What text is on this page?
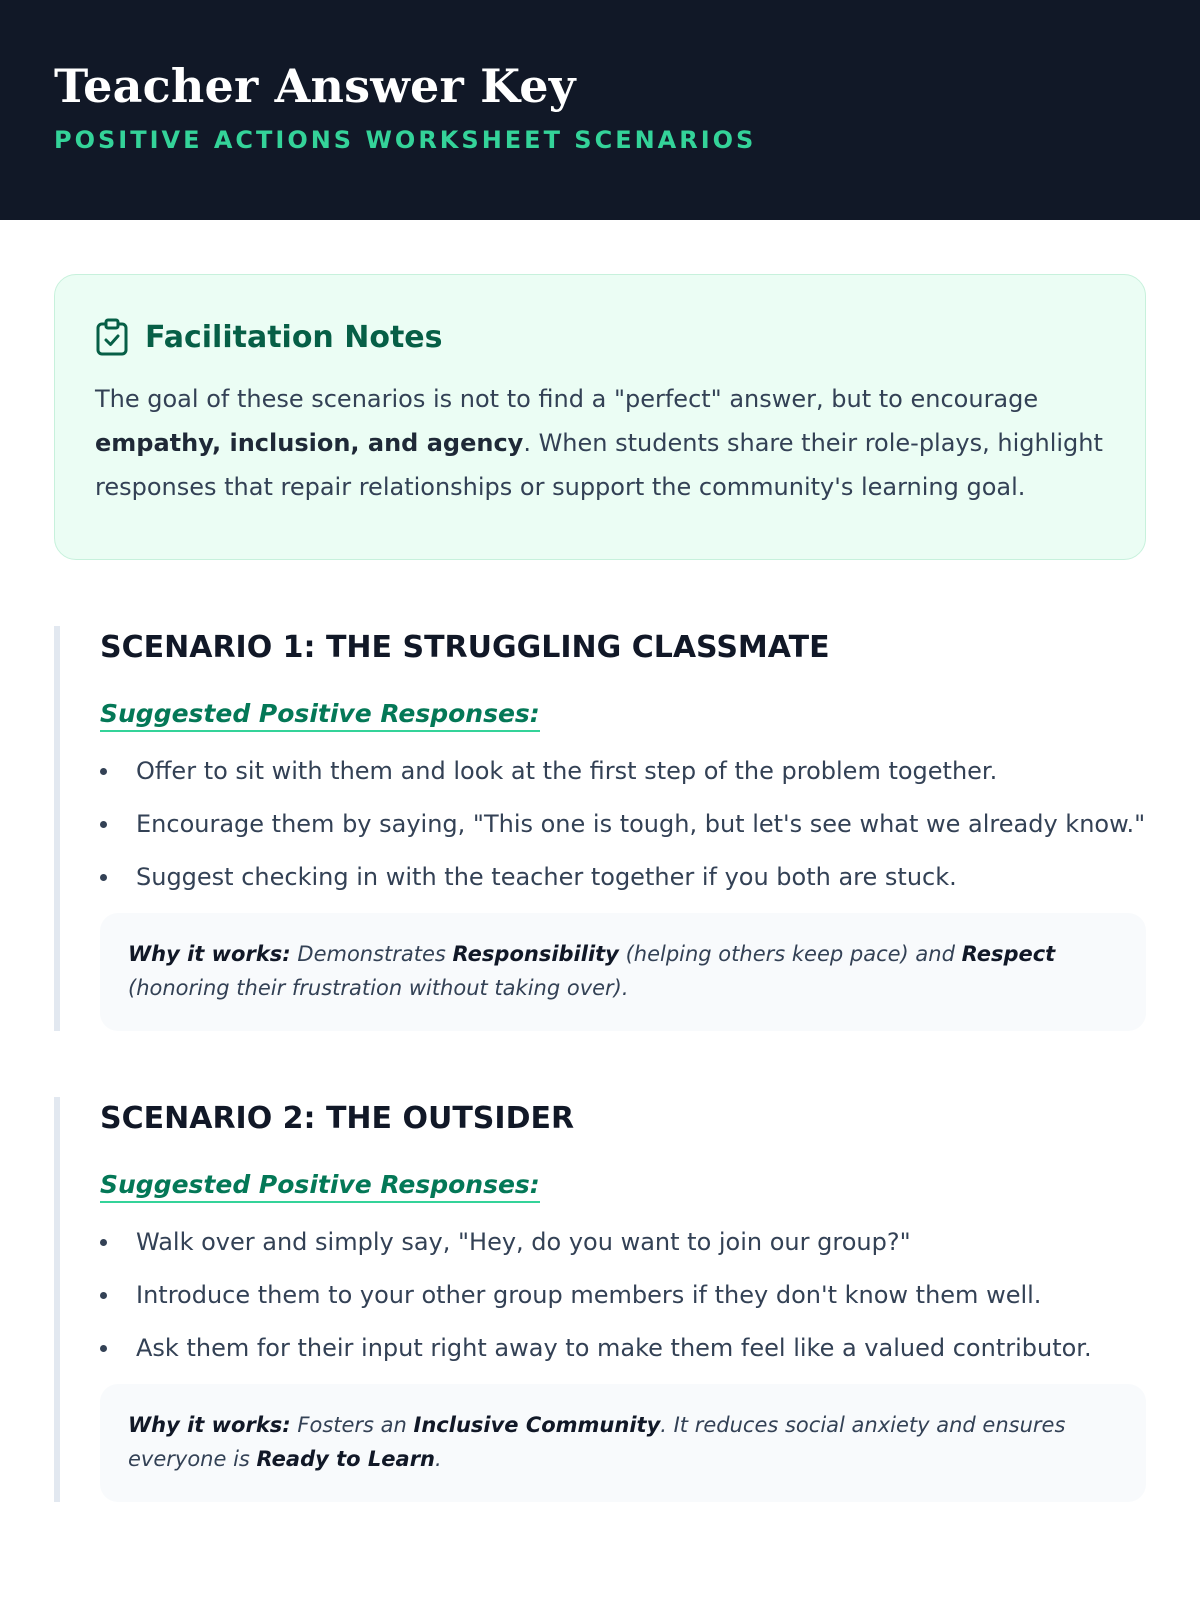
Teacher Answer Key
POSITIVE ACTIONS WORKSHEET SCENARIOS
Facilitation Notes

The goal of these scenarios is not to find a "perfect" answer, but to encourage empathy, inclusion, and agency. When students share their role-plays, highlight responses that repair relationships or support the community's learning goal.

SCENARIO 1: THE STRUGGLING CLASSMATE
Suggested Positive Responses:
Offer to sit with them and look at the first step of the problem together.
Encourage them by saying, "This one is tough, but let's see what we already know."
Suggest checking in with the teacher together if you both are stuck.
Why it works: Demonstrates Responsibility (helping others keep pace) and Respect (honoring their frustration without taking over).
SCENARIO 2: THE OUTSIDER
Suggested Positive Responses:
Walk over and simply say, "Hey, do you want to join our group?"
Introduce them to your other group members if they don't know them well.
Ask them for their input right away to make them feel like a valued contributor.
Why it works: Fosters an Inclusive Community. It reduces social anxiety and ensures everyone is Ready to Learn.
